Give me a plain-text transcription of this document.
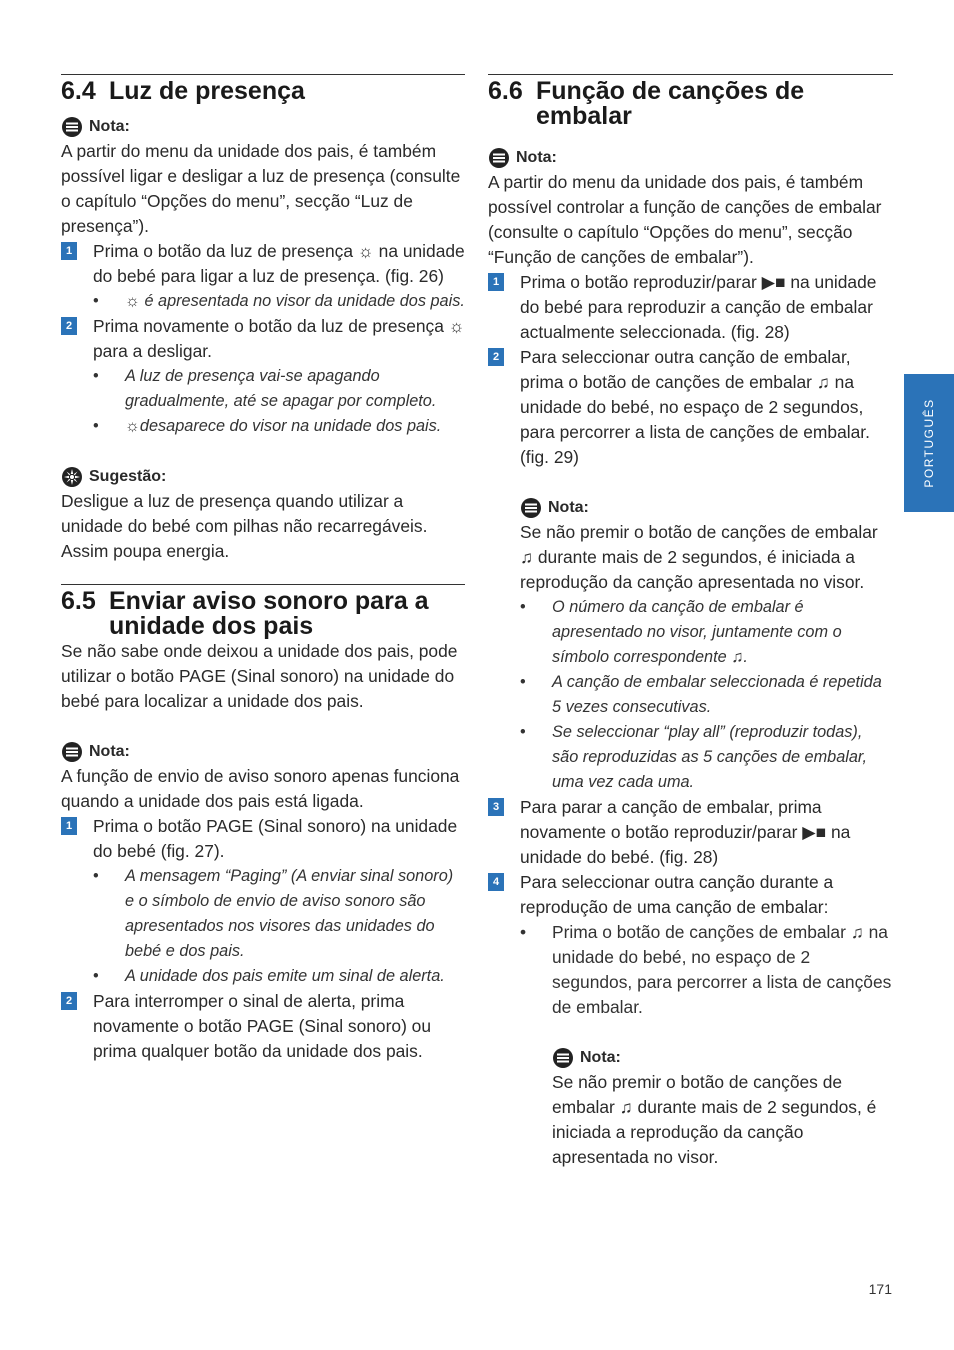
6.4 Luz de presença
Nota:

A partir do menu da unidade dos pais, é também possível ligar e desligar a luz de presença (consulte o capítulo “Opções do menu”, secção “Luz de presença”).

1 Prima o botão da luz de presença ☼ na unidade do bebé para ligar a luz de presença. (fig. 26)
• ☼ é apresentada no visor da unidade dos pais.
2 Prima novamente o botão da luz de presença ☼ para a desligar.
• A luz de presença vai-se apagando gradualmente, até se apagar por completo.
• ☼desaparece do visor na unidade dos pais.
Sugestão:

Desligue a luz de presença quando utilizar a unidade do bebé com pilhas não recarregáveis. Assim poupa energia.

6.5 Enviar aviso sonoro para a unidade dos pais

Se não sabe onde deixou a unidade dos pais, pode utilizar o botão PAGE (Sinal sonoro) na unidade do bebé para localizar a unidade dos pais.

Nota:

A função de envio de aviso sonoro apenas funciona quando a unidade dos pais está ligada.

1 Prima o botão PAGE (Sinal sonoro) na unidade do bebé (fig. 27).
• A mensagem “Paging” (A enviar sinal sonoro) e o símbolo de envio de aviso sonoro são apresentados nos visores das unidades do bebé e dos pais.
• A unidade dos pais emite um sinal de alerta.
2 Para interromper o sinal de alerta, prima novamente o botão PAGE (Sinal sonoro) ou prima qualquer botão da unidade dos pais.
6.6 Função de canções de embalar
Nota:

A partir do menu da unidade dos pais, é também possível controlar a função de canções de embalar (consulte o capítulo “Opções do menu”, secção “Função de canções de embalar”).

1 Prima o botão reproduzir/parar ▶■ na unidade do bebé para reproduzir a canção de embalar actualmente seleccionada. (fig. 28)
2 Para seleccionar outra canção de embalar, prima o botão de canções de embalar ♫ na unidade do bebé, no espaço de 2 segundos, para percorrer a lista de canções de embalar. (fig. 29)
Nota:

Se não premir o botão de canções de embalar ♫ durante mais de 2 segundos, é iniciada a reprodução da canção apresentada no visor.

• O número da canção de embalar é apresentado no visor, juntamente com o símbolo correspondente ♫.
• A canção de embalar seleccionada é repetida 5 vezes consecutivas.
• Se seleccionar “play all” (reproduzir todas), são reproduzidas as 5 canções de embalar, uma vez cada uma.
3 Para parar a canção de embalar, prima novamente o botão reproduzir/parar ▶■ na unidade do bebé. (fig. 28)
4 Para seleccionar outra canção durante a reprodução de uma canção de embalar:
• Prima o botão de canções de embalar ♫ na unidade do bebé, no espaço de 2 segundos, para percorrer a lista de canções de embalar.
Nota:

Se não premir o botão de canções de embalar ♫ durante mais de 2 segundos, é iniciada a reprodução da canção apresentada no visor.

PORTUGUÊS
171
